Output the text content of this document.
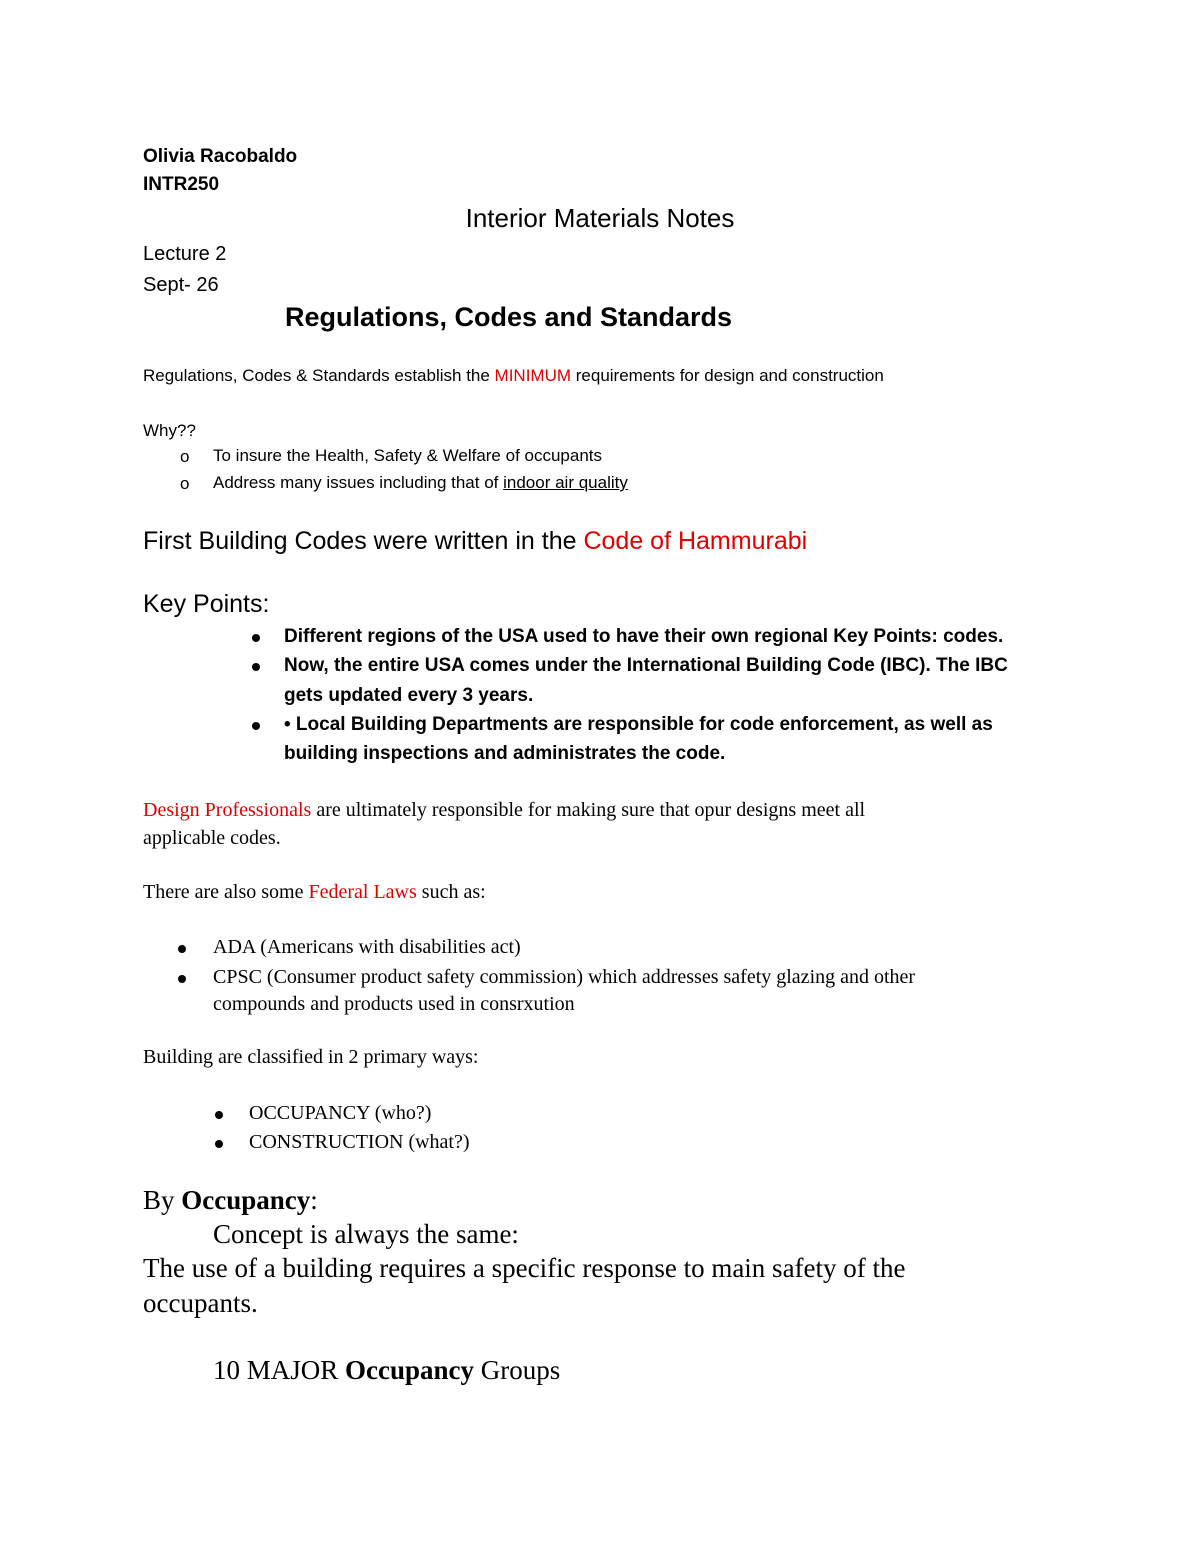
Olivia Racobaldo
INTR250
Interior Materials Notes
Lecture 2
Sept- 26
Regulations, Codes and Standards
Regulations, Codes & Standards establish the MINIMUM requirements for design and construction
Why??
o To insure the Health, Safety & Welfare of occupants
o Address many issues including that of indoor air quality
First Building Codes were written in the Code of Hammurabi
Key Points:
Different regions of the USA used to have their own regional Key Points: codes.
Now, the entire USA comes under the International Building Code (IBC). The IBC
gets updated every 3 years.
• Local Building Departments are responsible for code enforcement, as well as
building inspections and administrates the code.
Design Professionals are ultimately responsible for making sure that opur designs meet all
applicable codes.
There are also some Federal Laws such as:
ADA (Americans with disabilities act)
CPSC (Consumer product safety commission) which addresses safety glazing and other
compounds and products used in consrxution
Building are classified in 2 primary ways:
OCCUPANCY (who?)
CONSTRUCTION (what?)
By Occupancy:
Concept is always the same:
The use of a building requires a specific response to main safety of the
occupants.
10 MAJOR Occupancy Groups
